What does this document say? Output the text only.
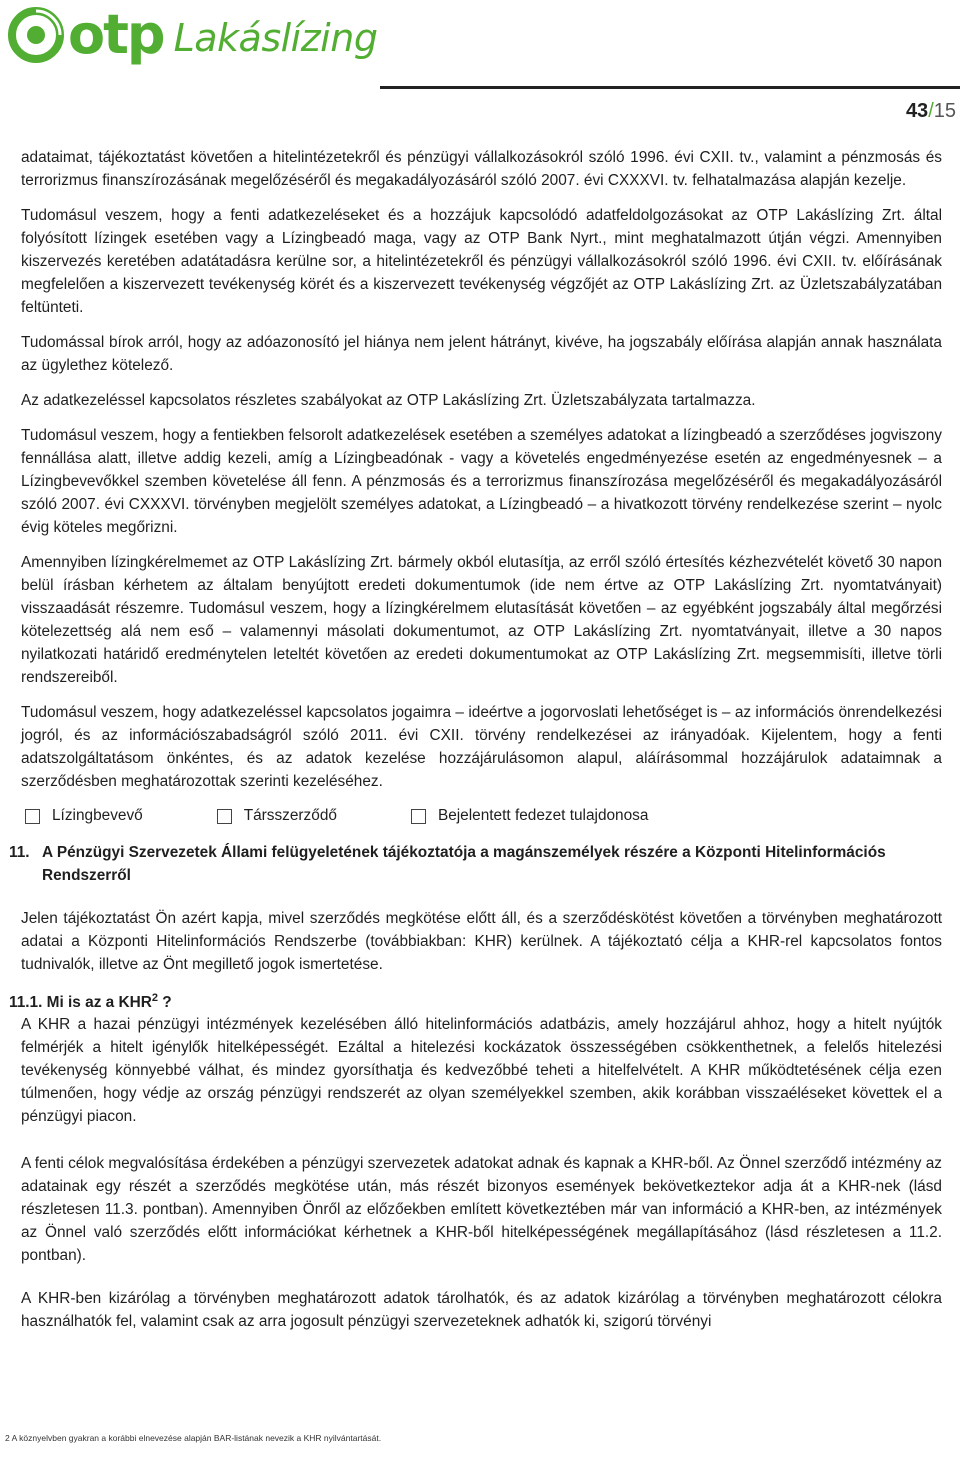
otp Lakáslízing
43/15

adataimat, tájékoztatást követően a hitelintézetekről és pénzügyi vállalkozásokról szóló 1996. évi CXII. tv., valamint a pénzmosás és terrorizmus finanszírozásának megelőzéséről és megakadályozásáról szóló 2007. évi CXXXVI. tv. felhatalmazása alapján kezelje.

Tudomásul veszem, hogy a fenti adatkezeléseket és a hozzájuk kapcsolódó adatfeldolgozásokat az OTP Lakáslízing Zrt. által folyósított lízingek esetében vagy a Lízingbeadó maga, vagy az OTP Bank Nyrt., mint meghatalmazott útján végzi. Amennyiben kiszervezés keretében adatátadásra kerülne sor, a hitelintézetekről és pénzügyi vállalkozásokról szóló 1996. évi CXII. tv. előírásának megfelelően a kiszervezett tevékenység körét és a kiszervezett tevékenység végzőjét az OTP Lakáslízing Zrt. az Üzletszabályzatában feltünteti.

Tudomással bírok arról, hogy az adóazonosító jel hiánya nem jelent hátrányt, kivéve, ha jogszabály előírása alapján annak használata az ügylethez kötelező.

Az adatkezeléssel kapcsolatos részletes szabályokat az OTP Lakáslízing Zrt. Üzletszabályzata tartalmazza.

Tudomásul veszem, hogy a fentiekben felsorolt adatkezelések esetében a személyes adatokat a lízingbeadó a szerződéses jogviszony fennállása alatt, illetve addig kezeli, amíg a Lízingbeadónak - vagy a követelés engedményezése esetén az engedményesnek – a Lízingbevevőkkel szemben követelése áll fenn. A pénzmosás és a terrorizmus finanszírozása megelőzéséről és megakadályozásáról szóló 2007. évi CXXXVI. törvényben megjelölt személyes adatokat, a Lízingbeadó – a hivatkozott törvény rendelkezése szerint – nyolc évig köteles megőrizni.

Amennyiben lízingkérelmemet az OTP Lakáslízing Zrt. bármely okból elutasítja, az erről szóló értesítés kézhezvételét követő 30 napon belül írásban kérhetem az általam benyújtott eredeti dokumentumok (ide nem értve az OTP Lakáslízing Zrt. nyomtatványait) visszaadását részemre. Tudomásul veszem, hogy a lízingkérelmem elutasítását követően – az egyébként jogszabály által megőrzési kötelezettség alá nem eső – valamennyi másolati dokumentumot, az OTP Lakáslízing Zrt. nyomtatványait, illetve a 30 napos nyilatkozati határidő eredménytelen leteltét követően az eredeti dokumentumokat az OTP Lakáslízing Zrt. megsemmisíti, illetve törli rendszereiből.

Tudomásul veszem, hogy adatkezeléssel kapcsolatos jogaimra – ideértve a jogorvoslati lehetőséget is – az információs önrendelkezési jogról, és az információszabadságról szóló 2011. évi CXII. törvény rendelkezései az irányadóak. Kijelentem, hogy a fenti adatszolgáltatásom önkéntes, és az adatok kezelése hozzájárulásomon alapul, aláírásommal hozzájárulok adataimnak a szerződésben meghatározottak szerinti kezeléséhez.

Lízingbevevő	Társszerződő	Bejelentett fedezet tulajdonosa
11. A Pénzügyi Szervezetek Állami felügyeletének tájékoztatója a magánszemélyek részére a Központi Hitelinformációs Rendszerről

Jelen tájékoztatást Ön azért kapja, mivel szerződés megkötése előtt áll, és a szerződéskötést követően a törvényben meghatározott adatai a Központi Hitelinformációs Rendszerbe (továbbiakban: KHR) kerülnek. A tájékoztató célja a KHR-rel kapcsolatos fontos tudnivalók, illetve az Önt megillető jogok ismertetése.

11.1. Mi is az a KHR$^2$ ?

A KHR a hazai pénzügyi intézmények kezelésében álló hitelinformációs adatbázis, amely hozzájárul ahhoz, hogy a hitelt nyújtók felmérjék a hitelt igénylők hitelképességét. Ezáltal a hitelezési kockázatok összességében csökkenthetnek, a felelős hitelezési tevékenység könnyebbé válhat, és mindez gyorsíthatja és kedvezőbbé teheti a hitelfelvételt. A KHR működtetésének célja ezen túlmenően, hogy védje az ország pénzügyi rendszerét az olyan személyekkel szemben, akik korábban visszaéléseket követtek el a pénzügyi piacon.

A fenti célok megvalósítása érdekében a pénzügyi szervezetek adatokat adnak és kapnak a KHR-ből. Az Önnel szerződő intézmény az adatainak egy részét a szerződés megkötése után, más részét bizonyos események bekövetkeztekor adja át a KHR-nek (lásd részletesen 11.3. pontban). Amennyiben Önről az előzőekben említett következtében már van információ a KHR-ben, az intézmények az Önnel való szerződés előtt információkat kérhetnek a KHR-ből hitelképességének megállapításához (lásd részletesen a 11.2. pontban).

A KHR-ben kizárólag a törvényben meghatározott adatok tárolhatók, és az adatok kizárólag a törvényben meghatározott célokra használhatók fel, valamint csak az arra jogosult pénzügyi szervezeteknek adhatók ki, szigorú törvényi

2 A köznyelvben gyakran a korábbi elnevezése alapján BAR-listának nevezik a KHR nyilvántartását.
